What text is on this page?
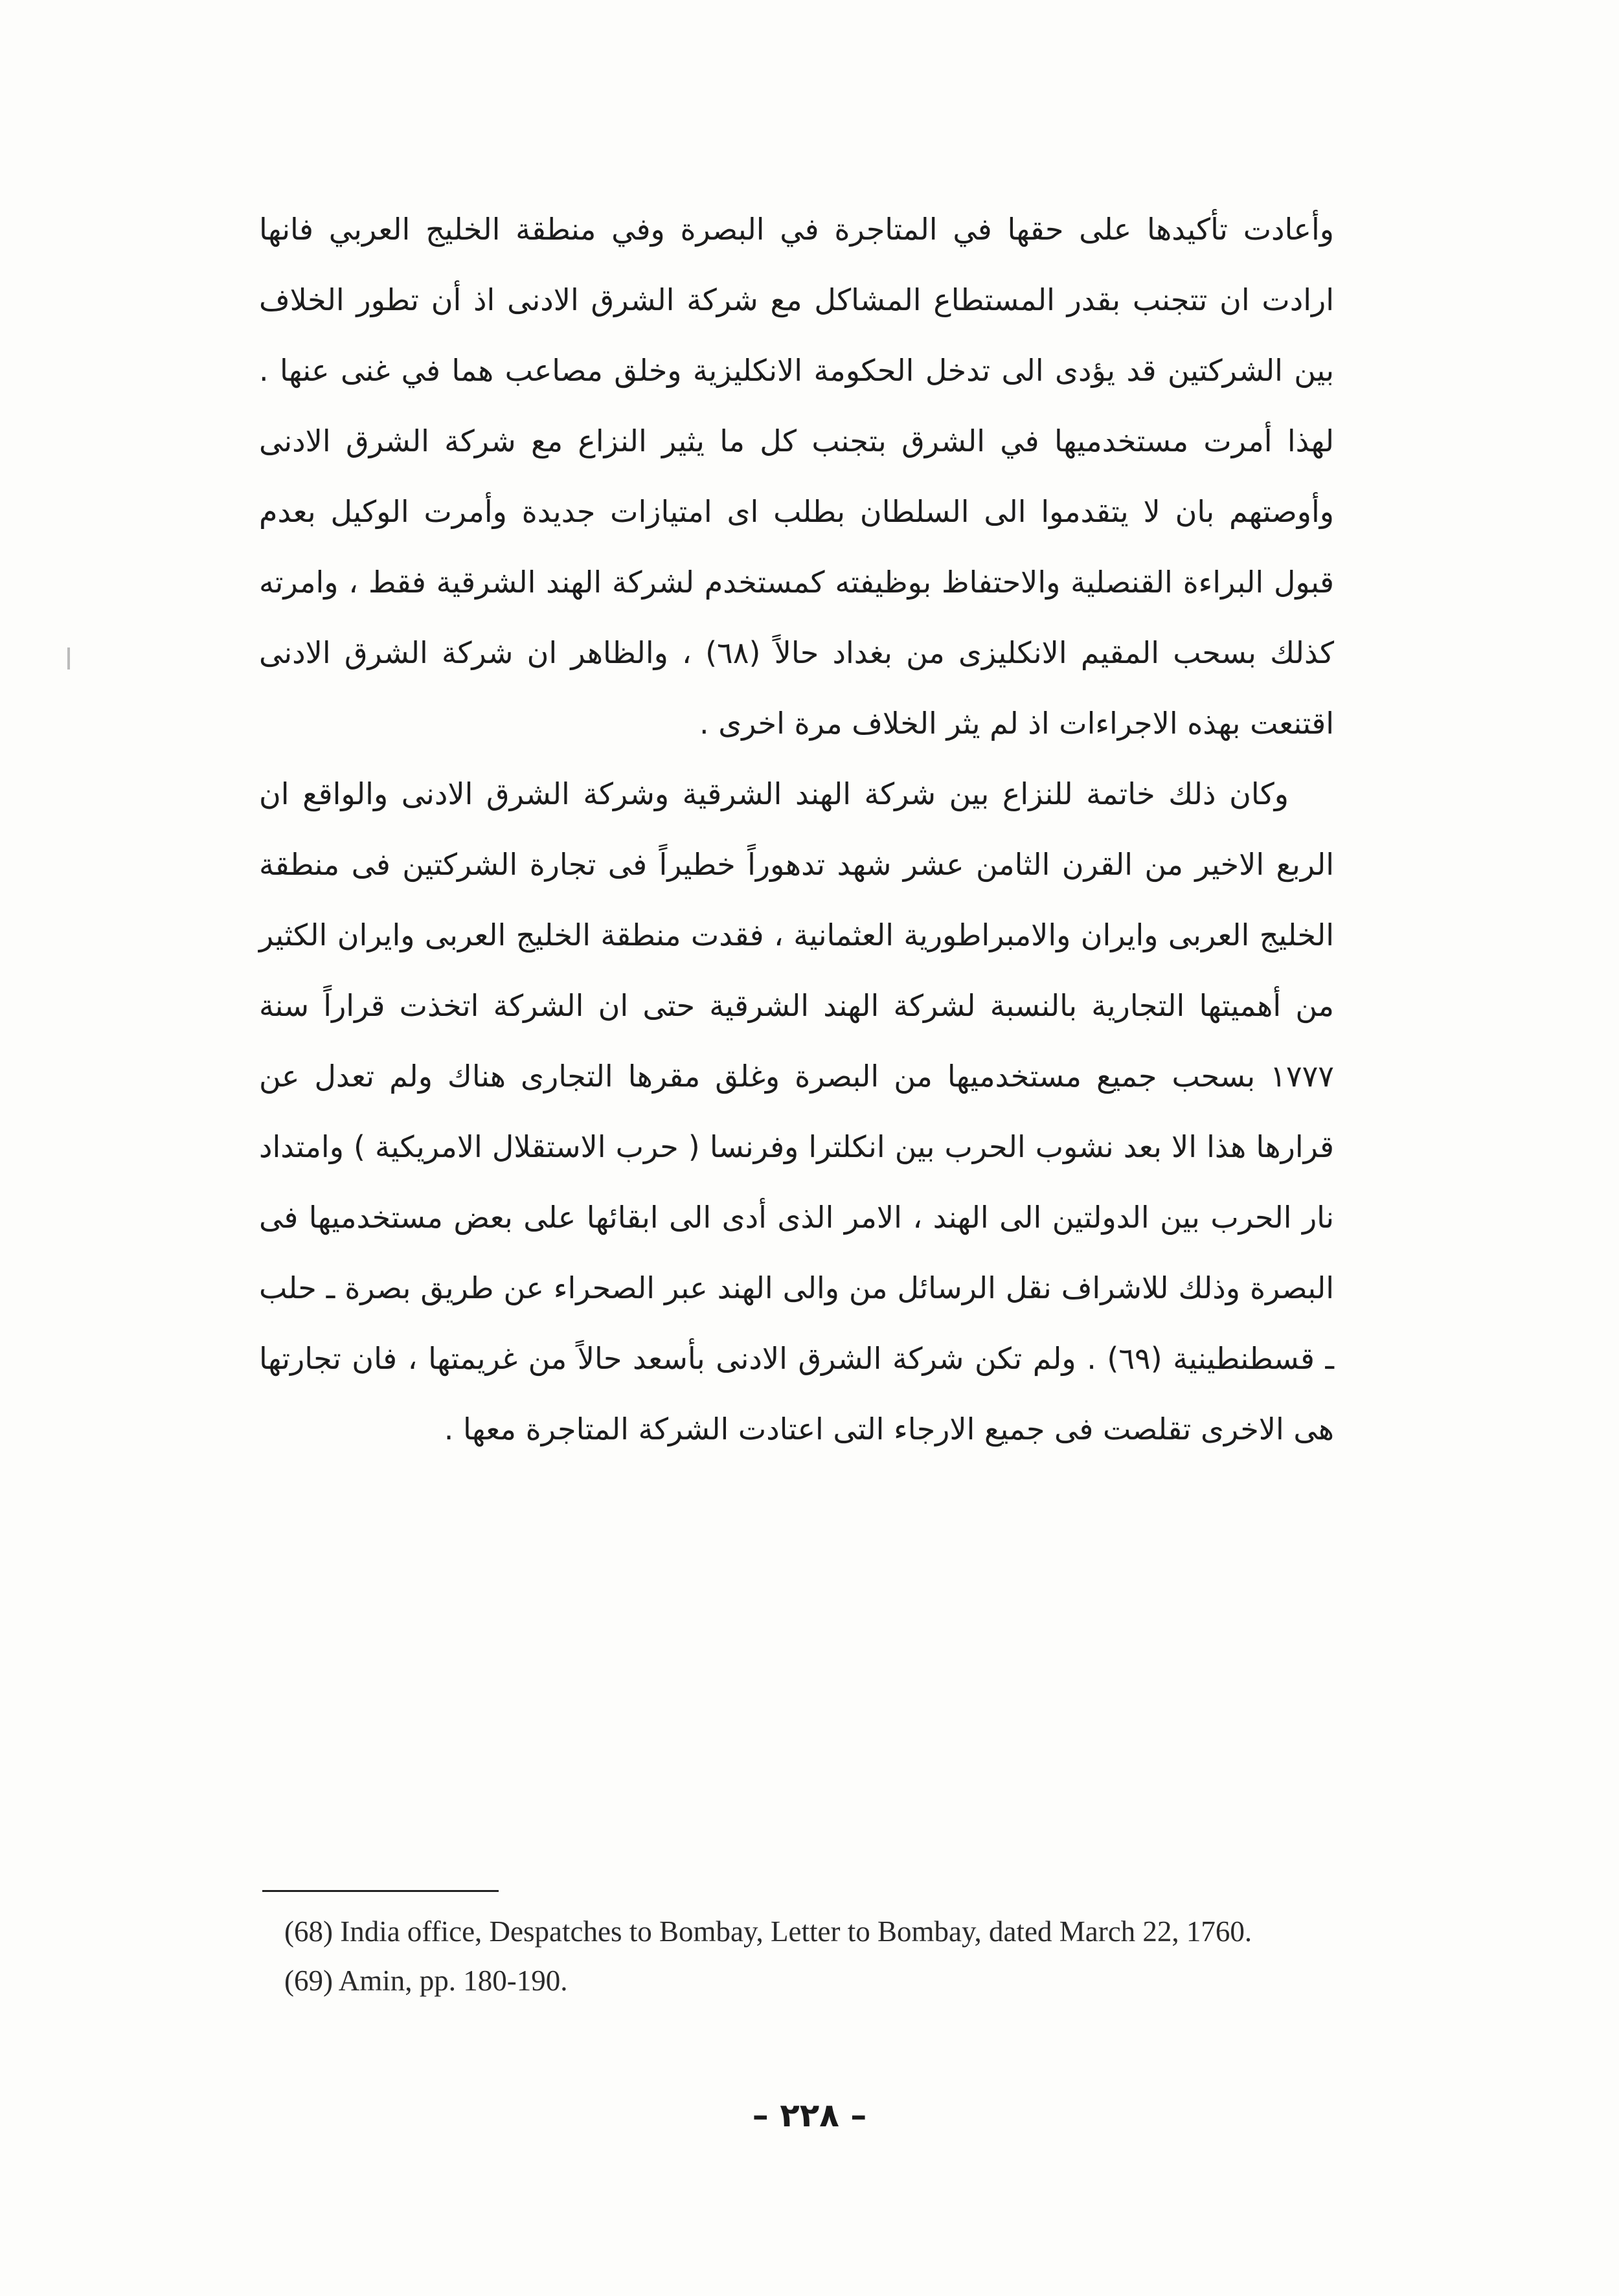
وأعادت تأكيدها على حقها في المتاجرة في البصرة وفي منطقة الخليج العربي فانها ارادت ان تتجنب بقدر المستطاع المشاكل مع شركة الشرق الادنى اذ أن تطور الخلاف بين الشركتين قد يؤدى الى تدخل الحكومة الانكليزية وخلق مصاعب هما في غنى عنها . لهذا أمرت مستخدميها في الشرق بتجنب كل ما يثير النزاع مع شركة الشرق الادنى وأوصتهم بان لا يتقدموا الى السلطان بطلب اى امتيازات جديدة وأمرت الوكيل بعدم قبول البراءة القنصلية والاحتفاظ بوظيفته كمستخدم لشركة الهند الشرقية فقط ، وامرته كذلك بسحب المقيم الانكليزى من بغداد حالاً (٦٨) ، والظاهر ان شركة الشرق الادنى اقتنعت بهذه الاجراءات اذ لم يثر الخلاف مرة اخرى .

وكان ذلك خاتمة للنزاع بين شركة الهند الشرقية وشركة الشرق الادنى والواقع ان الربع الاخير من القرن الثامن عشر شهد تدهوراً خطيراً فى تجارة الشركتين فى منطقة الخليج العربى وايران والامبراطورية العثمانية ، فقدت منطقة الخليج العربى وايران الكثير من أهميتها التجارية بالنسبة لشركة الهند الشرقية حتى ان الشركة اتخذت قراراً سنة ١٧٧٧ بسحب جميع مستخدميها من البصرة وغلق مقرها التجارى هناك ولم تعدل عن قرارها هذا الا بعد نشوب الحرب بين انكلترا وفرنسا ( حرب الاستقلال الامريكية ) وامتداد نار الحرب بين الدولتين الى الهند ، الامر الذى أدى الى ابقائها على بعض مستخدميها فى البصرة وذلك للاشراف نقل الرسائل من والى الهند عبر الصحراء عن طريق بصرة ـ حلب ـ قسطنطينية (٦٩) . ولم تكن شركة الشرق الادنى بأسعد حالاً من غريمتها ، فان تجارتها هى الاخرى تقلصت فى جميع الارجاء التى اعتادت الشركة المتاجرة معها .

(68) India office, Despatches to Bombay, Letter to Bombay, dated March 22, 1760.

(69) Amin, pp. 180-190.

– ٢٢٨ –
